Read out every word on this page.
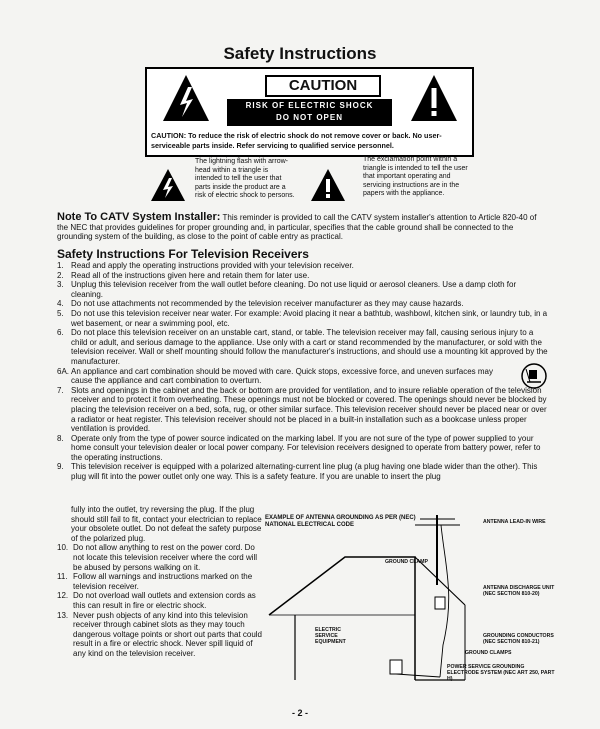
Safety Instructions
CAUTION
RISK OF ELECTRIC SHOCK
DO NOT OPEN
CAUTION: To reduce the risk of electric shock do not remove cover or back. No user-serviceable parts inside. Refer servicing to qualified service personnel.
The lightning flash with arrow-head within a triangle is intended to tell the user that parts inside the product are a risk of electric shock to persons.
The exclamation point within a triangle is intended to tell the user that important operating and servicing instructions are in the papers with the appliance.
Note To CATV System Installer: This reminder is provided to call the CATV system installer's attention to Article 820-40 of the NEC that provides guidelines for proper grounding and, in particular, specifies that the cable ground shall be connected to the grounding system of the building, as close to the point of cable entry as practical.
Safety Instructions For Television Receivers
1. Read and apply the operating instructions provided with your television receiver.
2. Read all of the instructions given here and retain them for later use.
3. Unplug this television receiver from the wall outlet before cleaning. Do not use liquid or aerosol cleaners. Use a damp cloth for cleaning.
4. Do not use attachments not recommended by the television receiver manufacturer as they may cause hazards.
5. Do not use this television receiver near water. For example: Avoid placing it near a bathtub, washbowl, kitchen sink, or laundry tub, in a wet basement, or near a swimming pool, etc.
6. Do not place this television receiver on an unstable cart, stand, or table. The television receiver may fall, causing serious injury to a child or adult, and serious damage to the appliance. Use only with a cart or stand recommended by the manufacturer, or sold with the television receiver. Wall or shelf mounting should follow the manufacturer's instructions, and should use a mounting kit approved by the manufacturer.
6A. An appliance and cart combination should be moved with care. Quick stops, excessive force, and uneven surfaces may cause the appliance and cart combination to overturn.
7. Slots and openings in the cabinet and the back or bottom are provided for ventilation, and to insure reliable operation of the television receiver and to protect it from overheating. These openings must not be blocked or covered. The openings should never be blocked by placing the television receiver on a bed, sofa, rug, or other similar surface. This television receiver should never be placed near or over a radiator or heat register. This television receiver should not be placed in a built-in installation such as a bookcase unless proper ventilation is provided.
8. Operate only from the type of power source indicated on the marking label. If you are not sure of the type of power supplied to your home consult your television dealer or local power company. For television receivers designed to operate from battery power, refer to the operating instructions.
9. This television receiver is equipped with a polarized alternating-current line plug (a plug having one blade wider than the other). This plug will fit into the power outlet only one way. This is a safety feature. If you are unable to insert the plug
fully into the outlet, try reversing the plug. If the plug should still fail to fit, contact your electrician to replace your obsolete outlet. Do not defeat the safety purpose of the polarized plug.
10. Do not allow anything to rest on the power cord. Do not locate this television receiver where the cord will be abused by persons walking on it.
11. Follow all warnings and instructions marked on the television receiver.
12. Do not overload wall outlets and extension cords as this can result in fire or electric shock.
13. Never push objects of any kind into this television receiver through cabinet slots as they may touch dangerous voltage points or short out parts that could result in a fire or electric shock. Never spill liquid of any kind on the television receiver.
EXAMPLE OF ANTENNA GROUNDING AS PER (NEC) NATIONAL ELECTRICAL CODE	ANTENNA LEAD-IN WIRE
GROUND CLAMP
ANTENNA DISCHARGE UNIT (NEC SECTION 810-20)
GROUNDING CONDUCTORS (NEC SECTION 810-21)
GROUND CLAMPS
POWER SERVICE GROUNDING ELECTRODE SYSTEM (NEC ART 250, PART H)
ELECTRIC SERVICE EQUIPMENT
- 2 -
